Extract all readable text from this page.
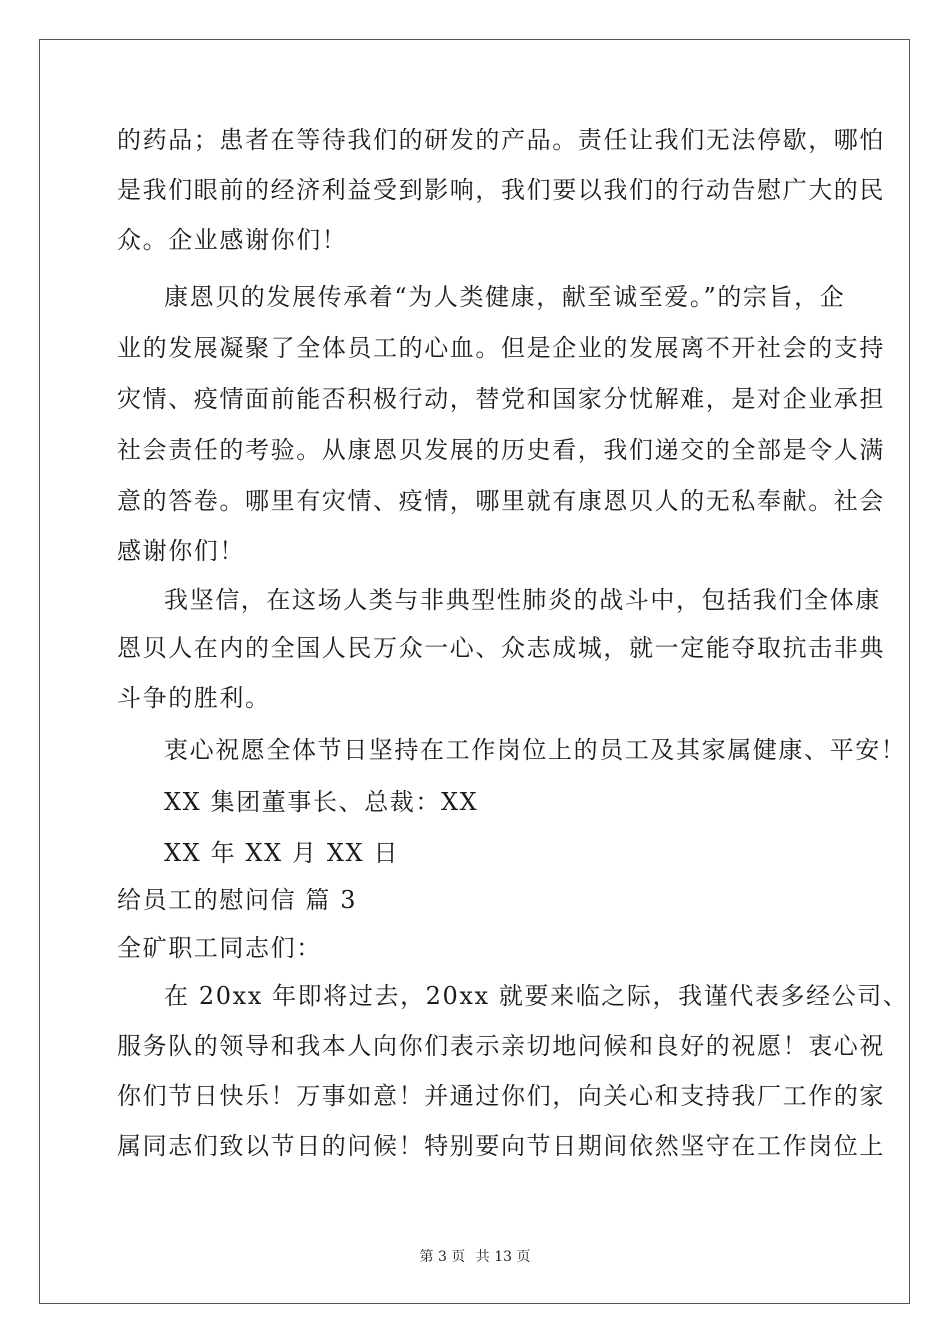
的药品；患者在等待我们的研发的产品。责任让我们无法停歇，哪怕
是我们眼前的经济利益受到影响，我们要以我们的行动告慰广大的民
众。企业感谢你们！
康恩贝的发展传承着“为人类健康，献至诚至爱。”的宗旨，企
业的发展凝聚了全体员工的心血。但是企业的发展离不开社会的支持
灾情、疫情面前能否积极行动，替党和国家分忧解难，是对企业承担
社会责任的考验。从康恩贝发展的历史看，我们递交的全部是令人满
意的答卷。哪里有灾情、疫情，哪里就有康恩贝人的无私奉献。社会
感谢你们！
我坚信，在这场人类与非典型性肺炎的战斗中，包括我们全体康
恩贝人在内的全国人民万众一心、众志成城，就一定能夺取抗击非典
斗争的胜利。
衷心祝愿全体节日坚持在工作岗位上的员工及其家属健康、平安！
XX 集团董事长、总裁：XX
XX 年 XX 月 XX 日
给员工的慰问信 篇 3
全矿职工同志们：
在 20xx 年即将过去，20xx 就要来临之际，我谨代表多经公司、
服务队的领导和我本人向你们表示亲切地问候和良好的祝愿！衷心祝
你们节日快乐！万事如意！并通过你们，向关心和支持我厂工作的家
属同志们致以节日的问候！特别要向节日期间依然坚守在工作岗位上
第 3 页 共 13 页
